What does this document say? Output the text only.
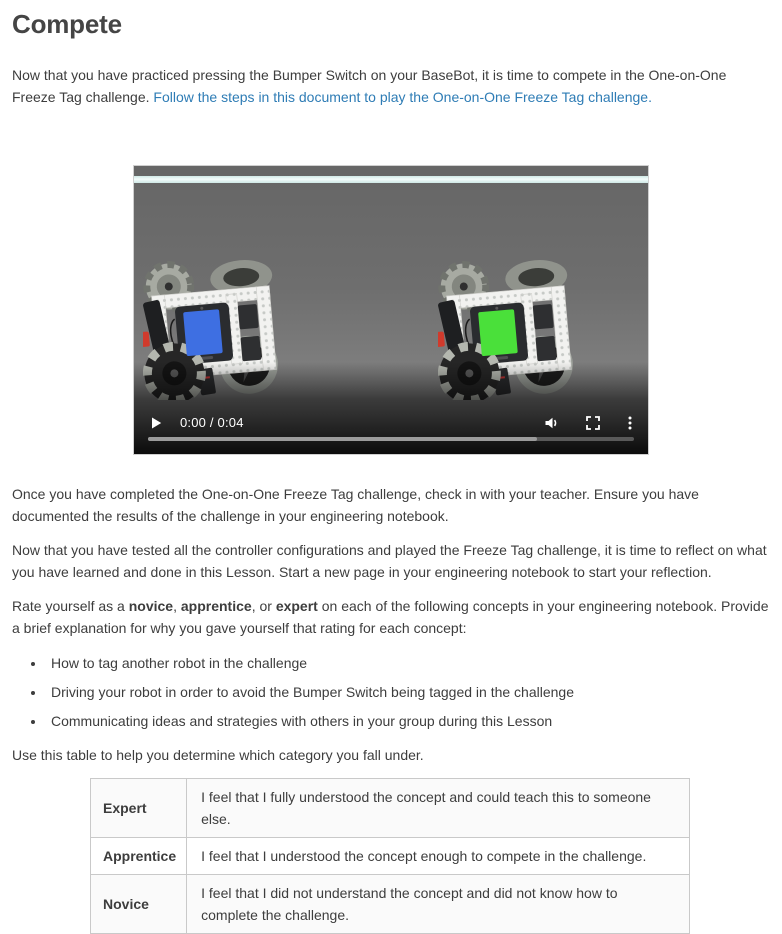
Compete

Now that you have practiced pressing the Bumper Switch on your BaseBot, it is time to compete in the One-on-One Freeze Tag challenge. Follow the steps in this document to play the One-on-One Freeze Tag challenge.

0:00 / 0:04

Once you have completed the One-on-One Freeze Tag challenge, check in with your teacher. Ensure you have documented the results of the challenge in your engineering notebook.

Now that you have tested all the controller configurations and played the Freeze Tag challenge, it is time to reflect on what you have learned and done in this Lesson. Start a new page in your engineering notebook to start your reflection.

Rate yourself as a novice, apprentice, or expert on each of the following concepts in your engineering notebook. Provide a brief explanation for why you gave yourself that rating for each concept:

• How to tag another robot in the challenge
• Driving your robot in order to avoid the Bumper Switch being tagged in the challenge
• Communicating ideas and strategies with others in your group during this Lesson

Use this table to help you determine which category you fall under.

Expert	I feel that I fully understood the concept and could teach this to someone else.
Apprentice	I feel that I understood the concept enough to compete in the challenge.
Novice	I feel that I did not understand the concept and did not know how to complete the challenge.
